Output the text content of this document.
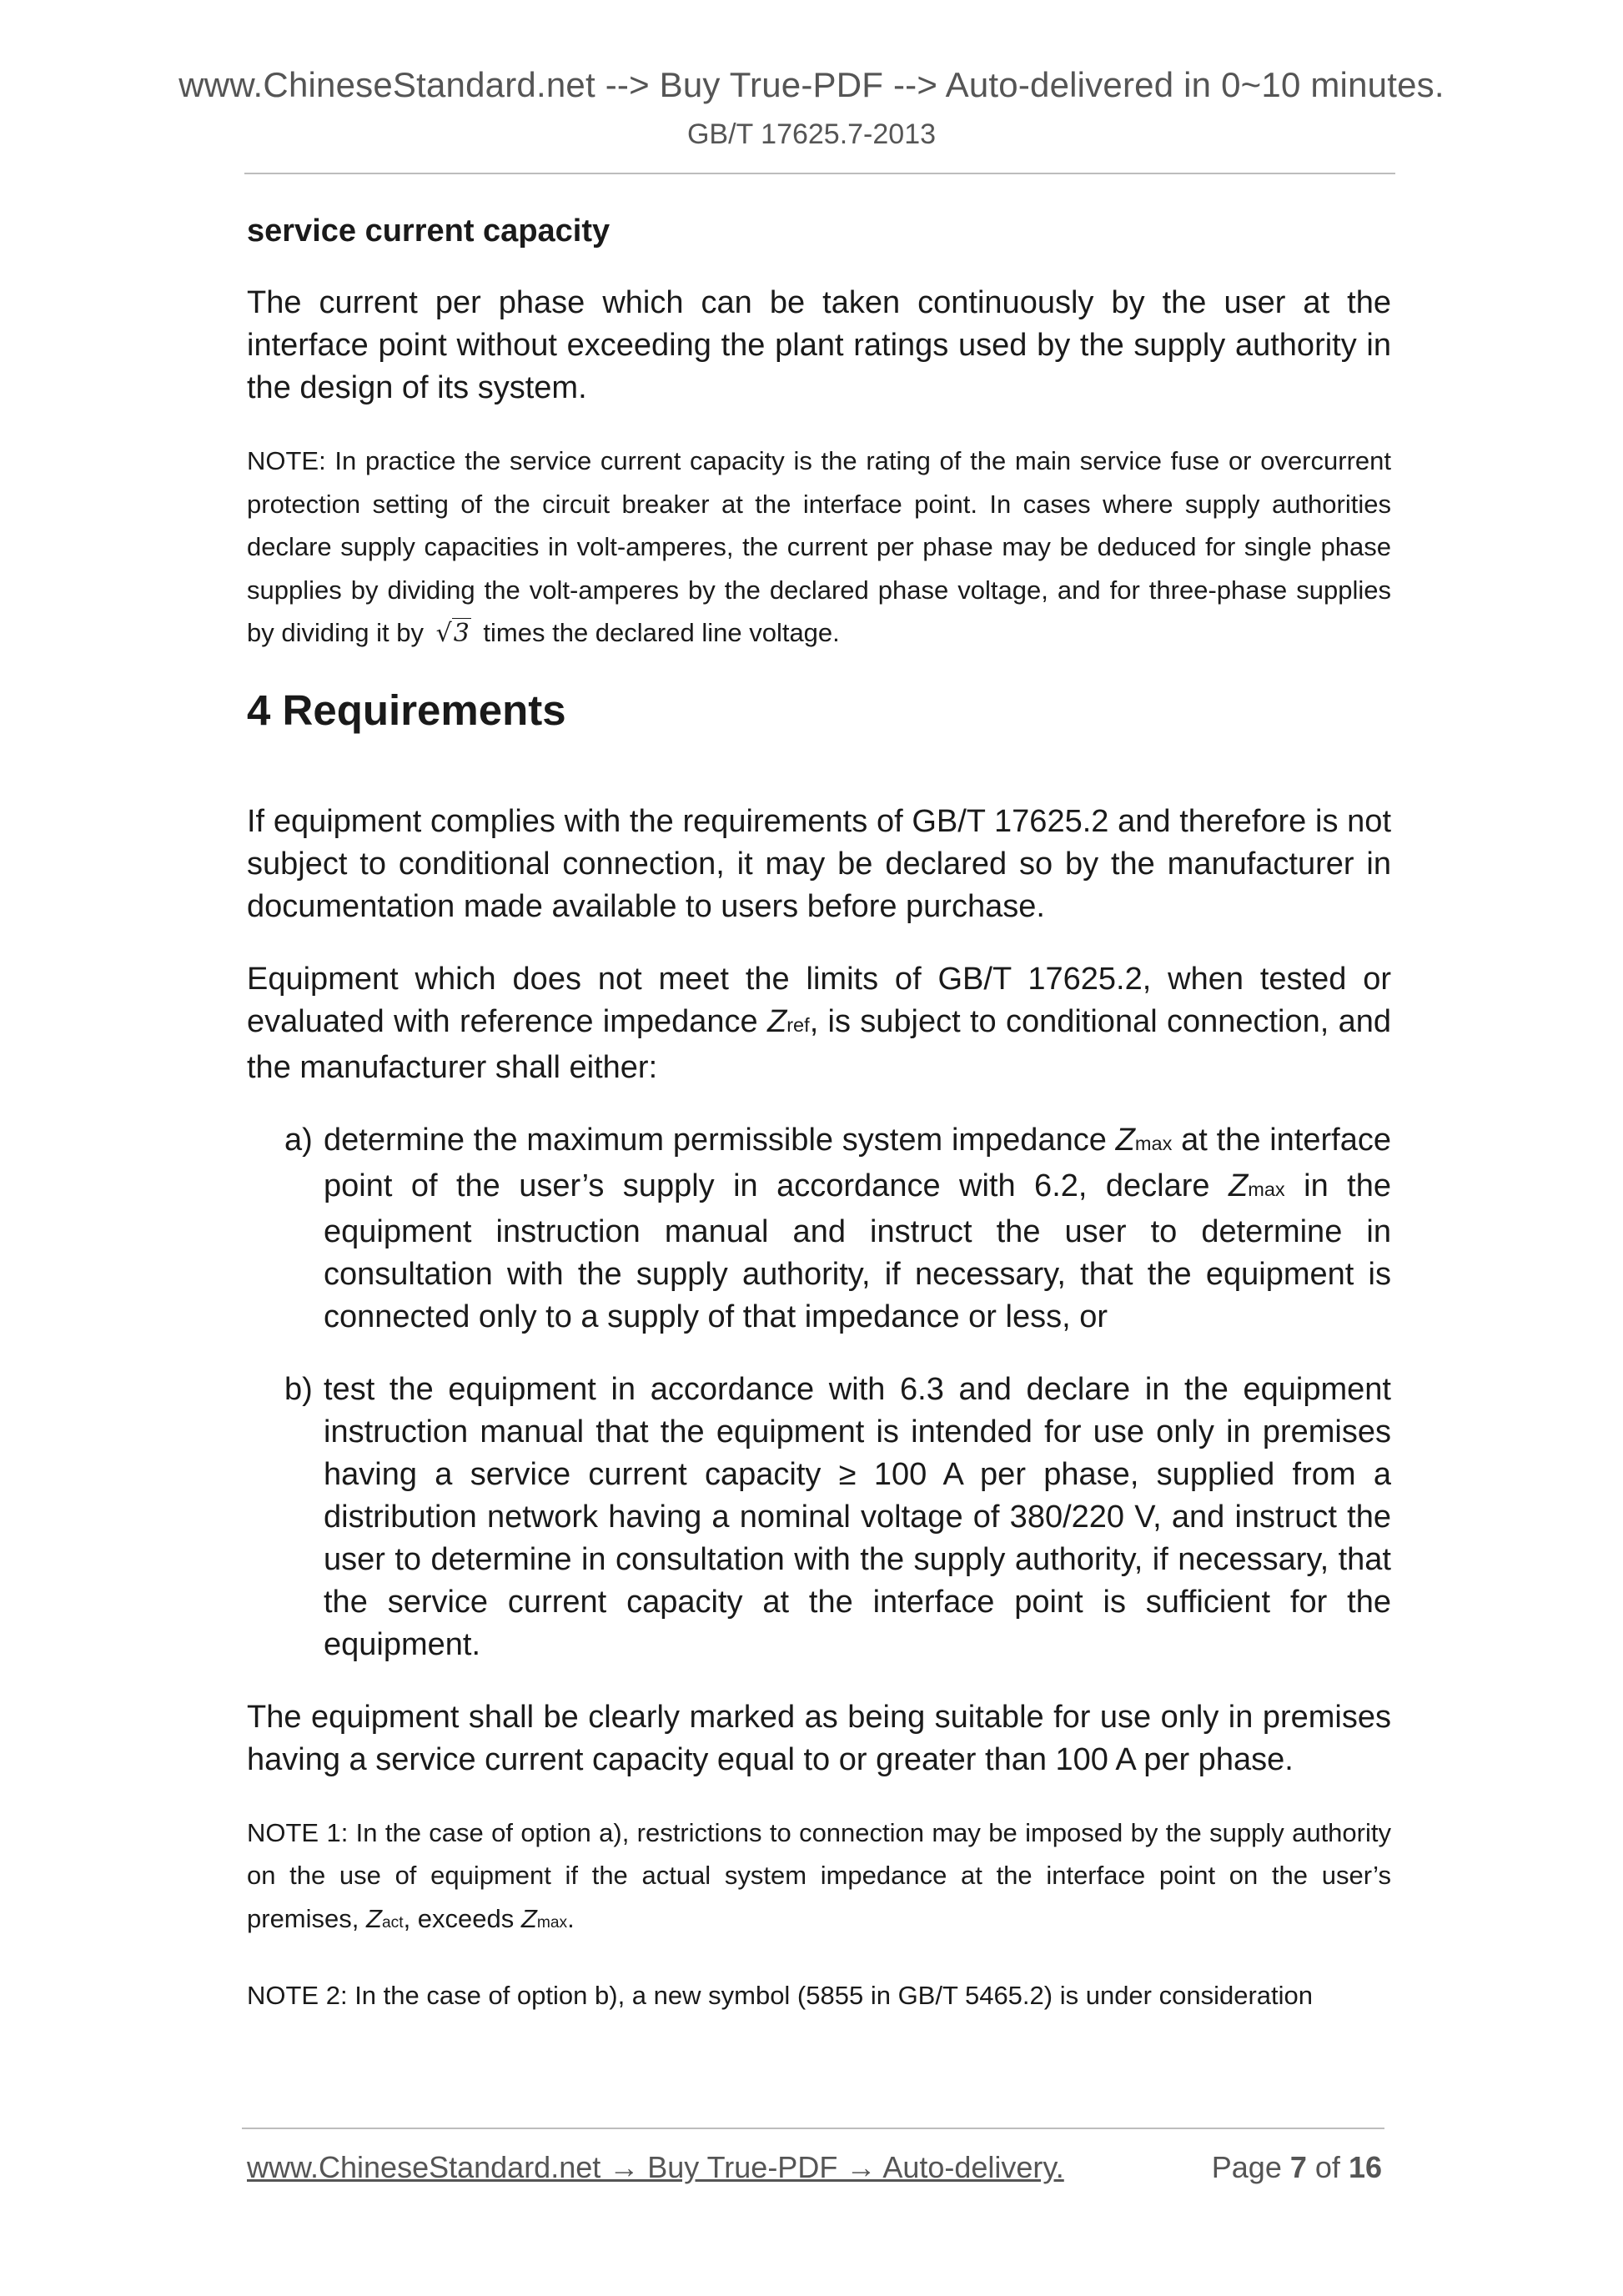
www.ChineseStandard.net --> Buy True-PDF --> Auto-delivered in 0~10 minutes.
GB/T 17625.7-2013

service current capacity

The current per phase which can be taken continuously by the user at the interface point without exceeding the plant ratings used by the supply authority in the design of its system.

NOTE: In practice the service current capacity is the rating of the main service fuse or overcurrent protection setting of the circuit breaker at the interface point. In cases where supply authorities declare supply capacities in volt-amperes, the current per phase may be deduced for single phase supplies by dividing the volt-amperes by the declared phase voltage, and for three-phase supplies by dividing it by √3 times the declared line voltage.

4 Requirements

If equipment complies with the requirements of GB/T 17625.2 and therefore is not subject to conditional connection, it may be declared so by the manufacturer in documentation made available to users before purchase.

Equipment which does not meet the limits of GB/T 17625.2, when tested or evaluated with reference impedance Zref, is subject to conditional connection, and the manufacturer shall either:

a) determine the maximum permissible system impedance Zmax at the interface point of the user’s supply in accordance with 6.2, declare Zmax in the equipment instruction manual and instruct the user to determine in consultation with the supply authority, if necessary, that the equipment is connected only to a supply of that impedance or less, or
b) test the equipment in accordance with 6.3 and declare in the equipment instruction manual that the equipment is intended for use only in premises having a service current capacity ≥ 100 A per phase, supplied from a distribution network having a nominal voltage of 380/220 V, and instruct the user to determine in consultation with the supply authority, if necessary, that the service current capacity at the interface point is sufficient for the equipment.

The equipment shall be clearly marked as being suitable for use only in premises having a service current capacity equal to or greater than 100 A per phase.

NOTE 1: In the case of option a), restrictions to connection may be imposed by the supply authority on the use of equipment if the actual system impedance at the interface point on the user’s premises, Zact, exceeds Zmax.

NOTE 2: In the case of option b), a new symbol (5855 in GB/T 5465.2) is under consideration

www.ChineseStandard.net → Buy True-PDF → Auto-delivery.	Page 7 of 16
